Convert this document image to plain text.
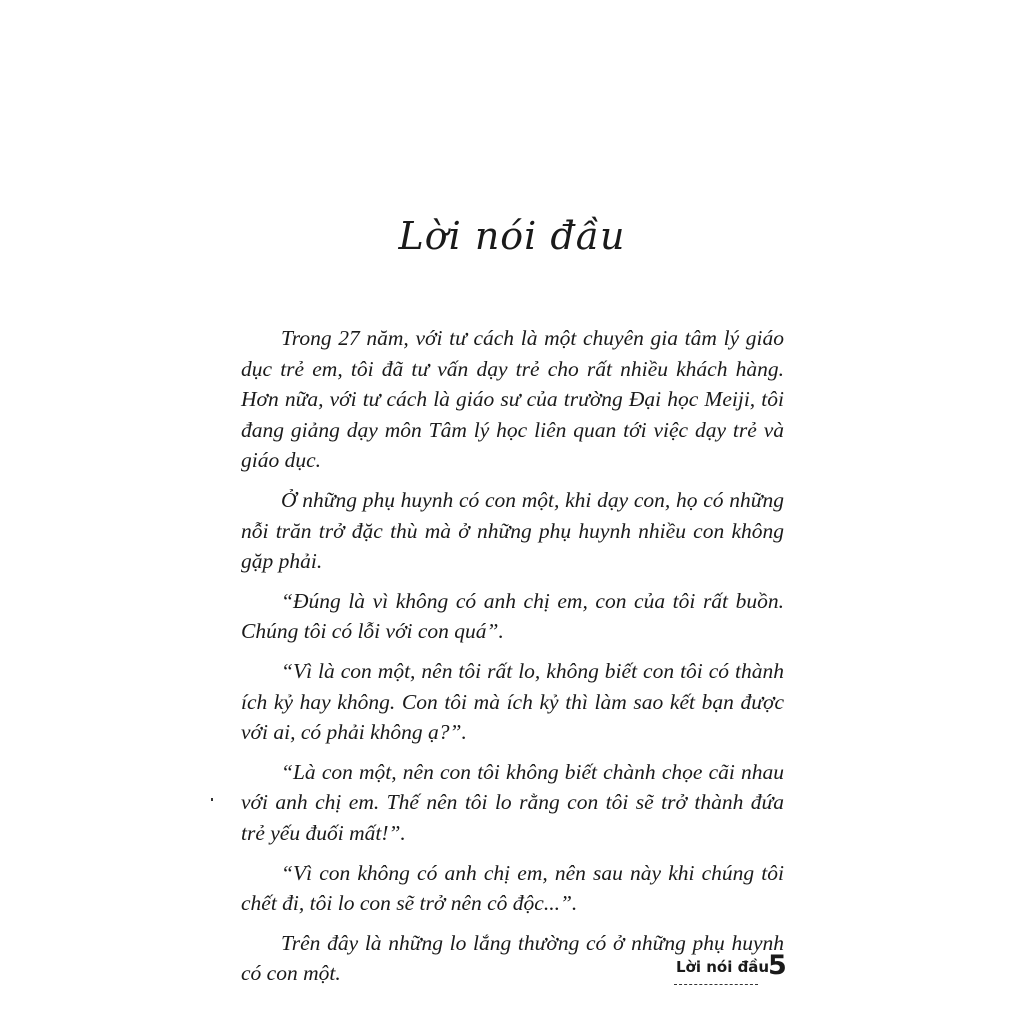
Lời nói đầu

Trong 27 năm, với tư cách là một chuyên gia tâm lý giáo dục trẻ em, tôi đã tư vấn dạy trẻ cho rất nhiều khách hàng. Hơn nữa, với tư cách là giáo sư của trường Đại học Meiji, tôi đang giảng dạy môn Tâm lý học liên quan tới việc dạy trẻ và giáo dục.

Ở những phụ huynh có con một, khi dạy con, họ có những nỗi trăn trở đặc thù mà ở những phụ huynh nhiều con không gặp phải.

“Đúng là vì không có anh chị em, con của tôi rất buồn. Chúng tôi có lỗi với con quá”.

“Vì là con một, nên tôi rất lo, không biết con tôi có thành ích kỷ hay không. Con tôi mà ích kỷ thì làm sao kết bạn được với ai, có phải không ạ?”.

“Là con một, nên con tôi không biết chành chọe cãi nhau với anh chị em. Thế nên tôi lo rằng con tôi sẽ trở thành đứa trẻ yếu đuối mất!”.

“Vì con không có anh chị em, nên sau này khi chúng tôi chết đi, tôi lo con sẽ trở nên cô độc...”.

Trên đây là những lo lắng thường có ở những phụ huynh có con một.	Lời nói đầu
5
